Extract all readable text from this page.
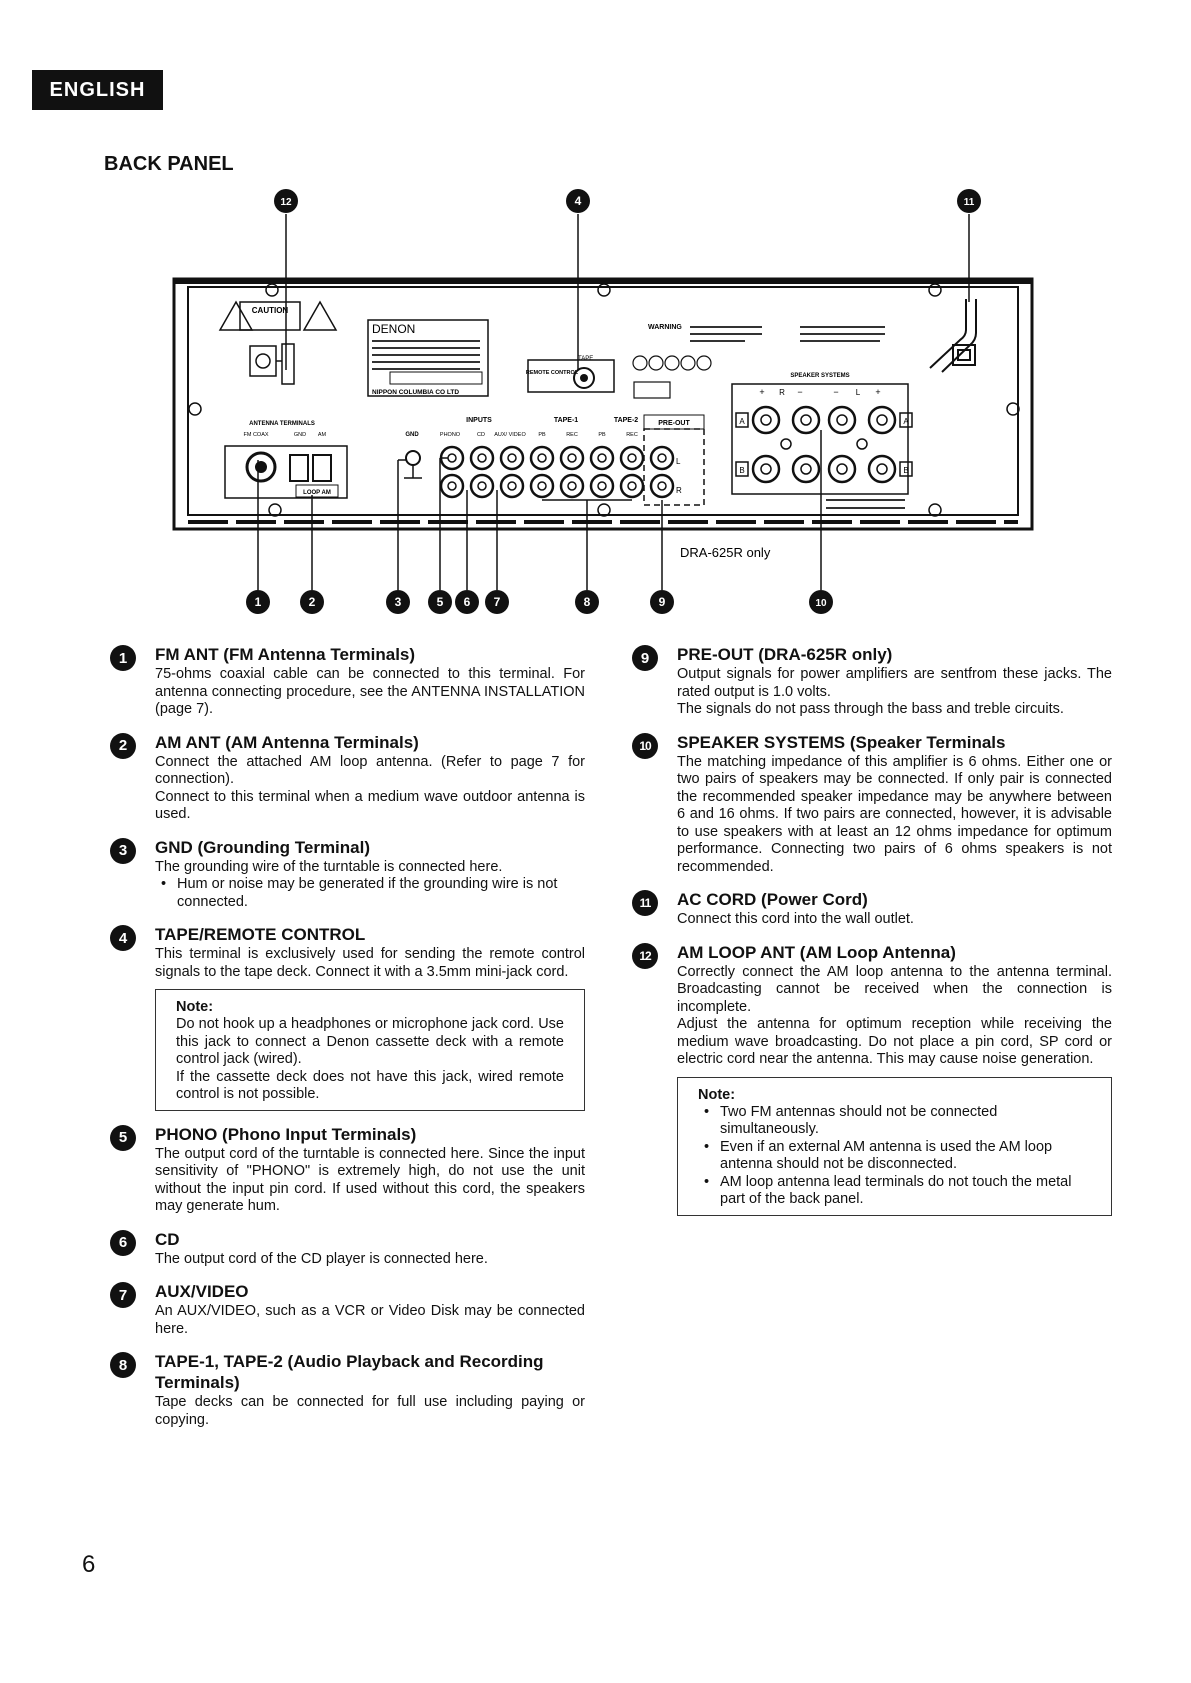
ENGLISH
BACK PANEL
CAUTION
DENON
NIPPON COLUMBIA CO LTD
REMOTE CONTROL
TAPE
WARNING
ANTENNA TERMINALS
FM COAX	GND AM
LOOP AM
GND
INPUTS
PHONO	CD AUX/ VIDEO
TAPE-1	TAPE-2
PB	REC	PB	REC
PRE-OUT
L
R
SPEAKER SYSTEMS
+ R −	− L +
A	A
B	B
DRA-625R only
12	4	11
1	2	3	5 6 7	8	9	10
1	FM ANT (FM Antenna Terminals)

75-ohms coaxial cable can be connected to this terminal. For antenna connecting procedure, see the ANTENNA INSTALLATION (page 7).

2	AM ANT (AM Antenna Terminals)

Connect the attached AM loop antenna. (Refer to page 7 for connection).

Connect to this terminal when a medium wave outdoor antenna is used.

3	GND (Grounding Terminal)

The grounding wire of the turntable is connected here.

• Hum or noise may be generated if the grounding wire is not connected.
4	TAPE/REMOTE CONTROL

This terminal is exclusively used for sending the remote control signals to the tape deck. Connect it with a 3.5mm mini-jack cord.

Note:

Do not hook up a headphones or microphone jack cord. Use this jack to connect a Denon cassette deck with a remote control jack (wired).

If the cassette deck does not have this jack, wired remote control is not possible.

5	PHONO (Phono Input Terminals)

The output cord of the turntable is connected here. Since the input sensitivity of "PHONO" is extremely high, do not use the unit without the input pin cord. If used without this cord, the speakers may generate hum.

6	CD

The output cord of the CD player is connected here.

7	AUX/VIDEO

An AUX/VIDEO, such as a VCR or Video Disk may be connected here.

8	TAPE-1, TAPE-2 (Audio Playback and Recording Terminals)

Tape decks can be connected for full use including paying or copying.

9	PRE-OUT (DRA-625R only)

Output signals for power amplifiers are sentfrom these jacks. The rated output is 1.0 volts.

The signals do not pass through the bass and treble circuits.

10	SPEAKER SYSTEMS (Speaker Terminals

The matching impedance of this amplifier is 6 ohms. Either one or two pairs of speakers may be connected. If only pair is connected the recommended speaker impedance may be anywhere between 6 and 16 ohms. If two pairs are connected, however, it is advisable to use speakers with at least an 12 ohms impedance for optimum performance. Connecting two pairs of 6 ohms speakers is not recommended.

11	AC CORD (Power Cord)

Connect this cord into the wall outlet.

12	AM LOOP ANT (AM Loop Antenna)

Correctly connect the AM loop antenna to the antenna terminal. Broadcasting cannot be received when the connection is incomplete.

Adjust the antenna for optimum reception while receiving the medium wave broadcasting. Do not place a pin cord, SP cord or electric cord near the antenna. This may cause noise generation.

Note:
• Two FM antennas should not be connected simultaneously.
• Even if an external AM antenna is used the AM loop antenna should not be disconnected.
• AM loop antenna lead terminals do not touch the metal part of the back panel.
6
